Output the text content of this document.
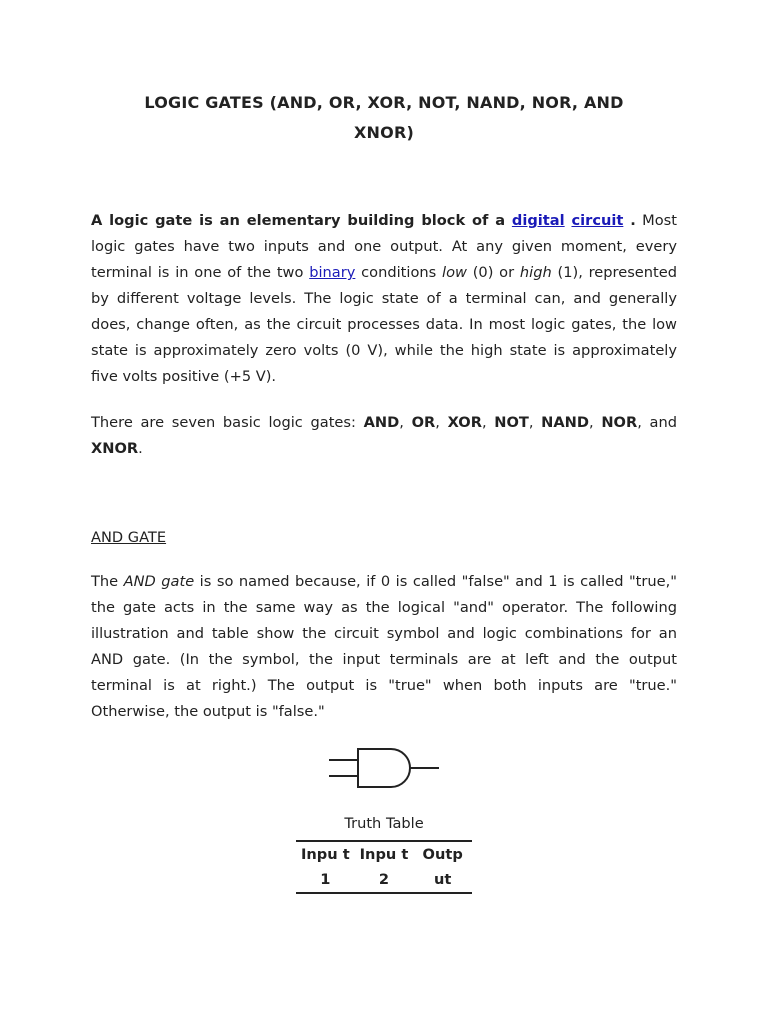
LOGIC GATES (AND, OR, XOR, NOT, NAND, NOR, AND
XNOR)

A logic gate is an elementary building block of a digital circuit . Most logic gates have two inputs and one output. At any given moment, every terminal is in one of the two binary conditions low (0) or high (1), represented by different voltage levels. The logic state of a terminal can, and generally does, change often, as the circuit processes data. In most logic gates, the low state is approximately zero volts (0 V), while the high state is approximately five volts positive (+5 V).

There are seven basic logic gates: AND, OR, XOR, NOT, NAND, NOR, and XNOR.

AND GATE

The AND gate is so named because, if 0 is called "false" and 1 is called "true," the gate acts in the same way as the logical "and" operator. The following illustration and table show the circuit symbol and logic combinations for an AND gate. (In the symbol, the input terminals are at left and the output terminal is at right.) The output is "true" when both inputs are "true." Otherwise, the output is "false."

Truth Table
Inpu t 1	Inpu t 2	Outp ut
